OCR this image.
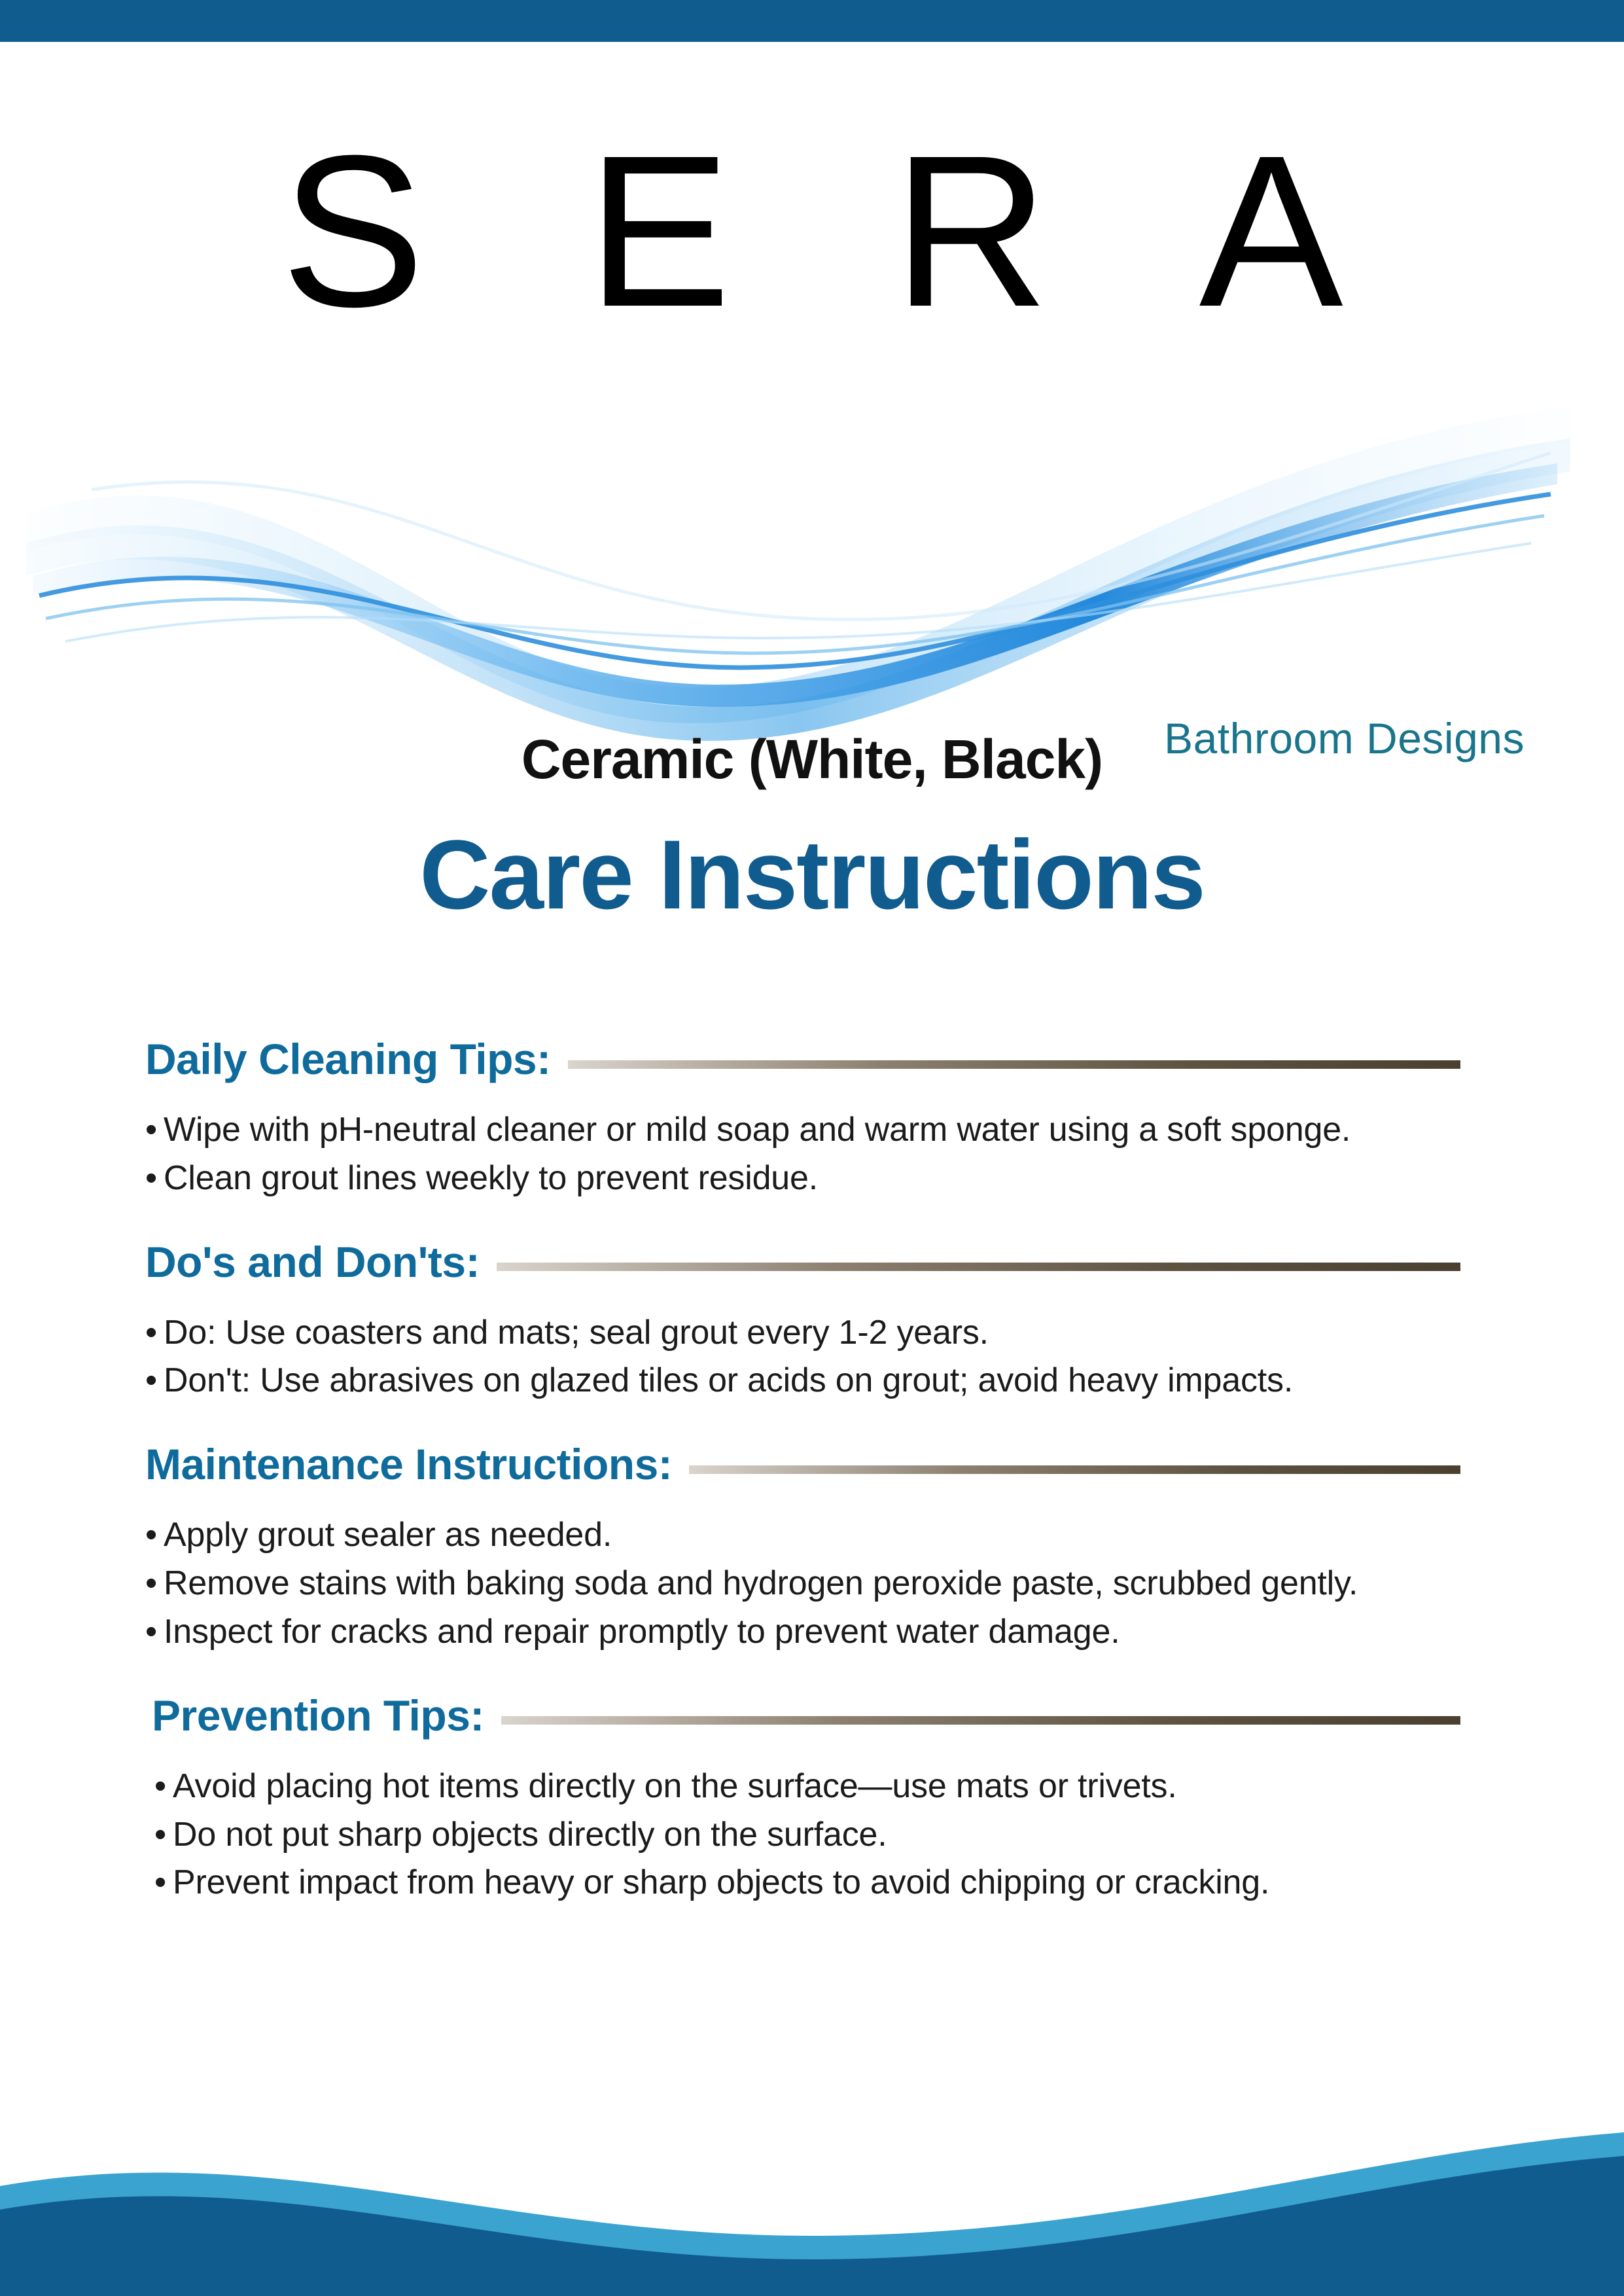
S E R A
Bathroom Designs
Ceramic (White, Black)
Care Instructions
Daily Cleaning Tips:
• Wipe with pH-neutral cleaner or mild soap and warm water using a soft sponge.
• Clean grout lines weekly to prevent residue.
Do's and Don'ts:
• Do: Use coasters and mats; seal grout every 1-2 years.
• Don't: Use abrasives on glazed tiles or acids on grout; avoid heavy impacts.
Maintenance Instructions:
• Apply grout sealer as needed.
• Remove stains with baking soda and hydrogen peroxide paste, scrubbed gently.
• Inspect for cracks and repair promptly to prevent water damage.
Prevention Tips:
• Avoid placing hot items directly on the surface—use mats or trivets.
• Do not put sharp objects directly on the surface.
• Prevent impact from heavy or sharp objects to avoid chipping or cracking.
